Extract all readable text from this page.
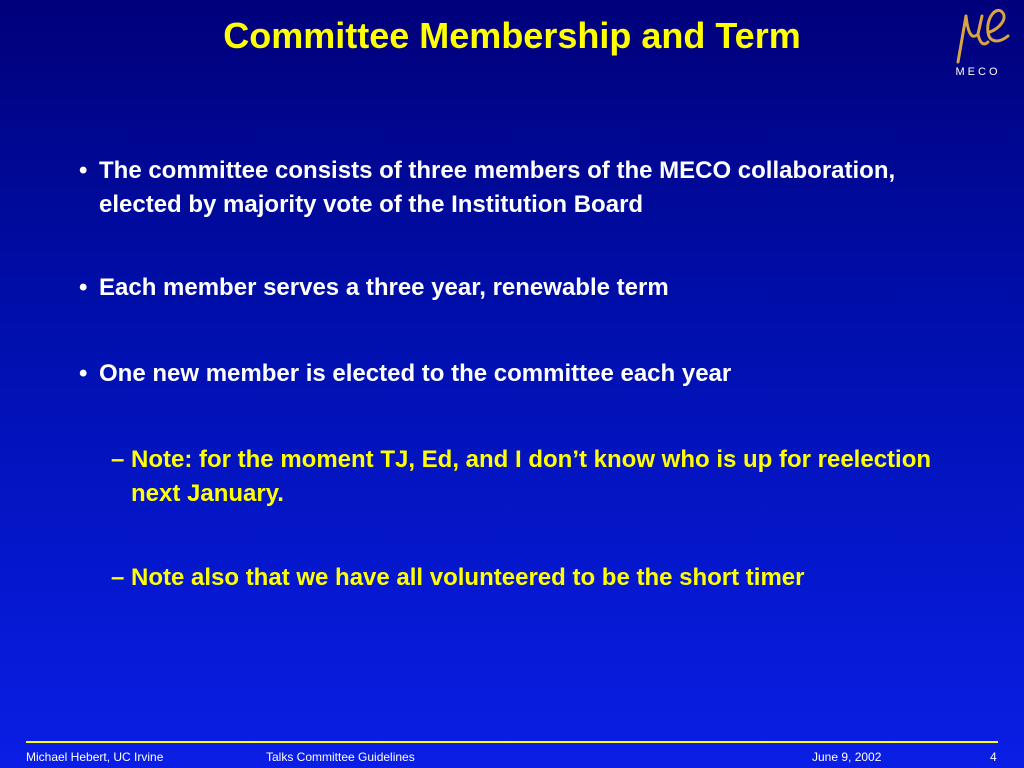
Committee Membership and Term
MECO
• The committee consists of three members of the MECO collaboration, elected by majority vote of the Institution Board
• Each member serves a three year, renewable term
• One new member is elected to the committee each year
– Note: for the moment TJ, Ed, and I don’t know who is up for reelection next January.
– Note also that we have all volunteered to be the short timer
Michael Hebert, UC Irvine	Talks Committee Guidelines	June 9, 2002	4
